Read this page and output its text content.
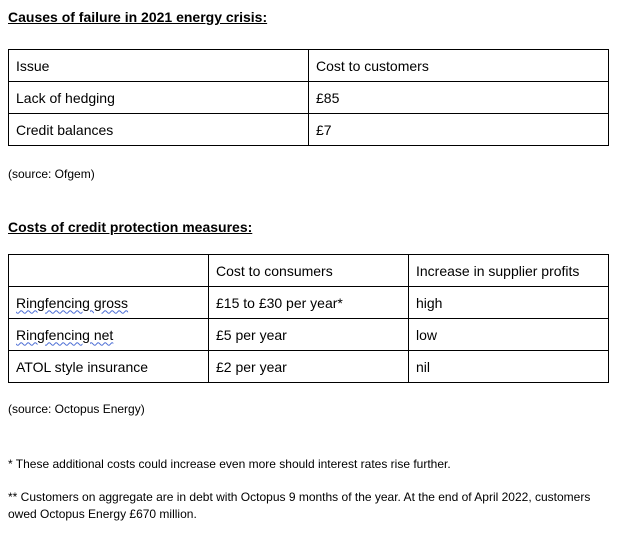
Causes of failure in 2021 energy crisis:
Issue	Cost to customers
Lack of hedging	£85
Credit balances	£7

(source: Ofgem)

Costs of credit protection measures:
	Cost to consumers	Increase in supplier profits
Ringfencing gross	£15 to £30 per year*	high
Ringfencing net	£5 per year	low
ATOL style insurance	£2 per year	nil

(source: Octopus Energy)

* These additional costs could increase even more should interest rates rise further.

** Customers on aggregate are in debt with Octopus 9 months of the year. At the end of April 2022, customers owed Octopus Energy £670 million.
